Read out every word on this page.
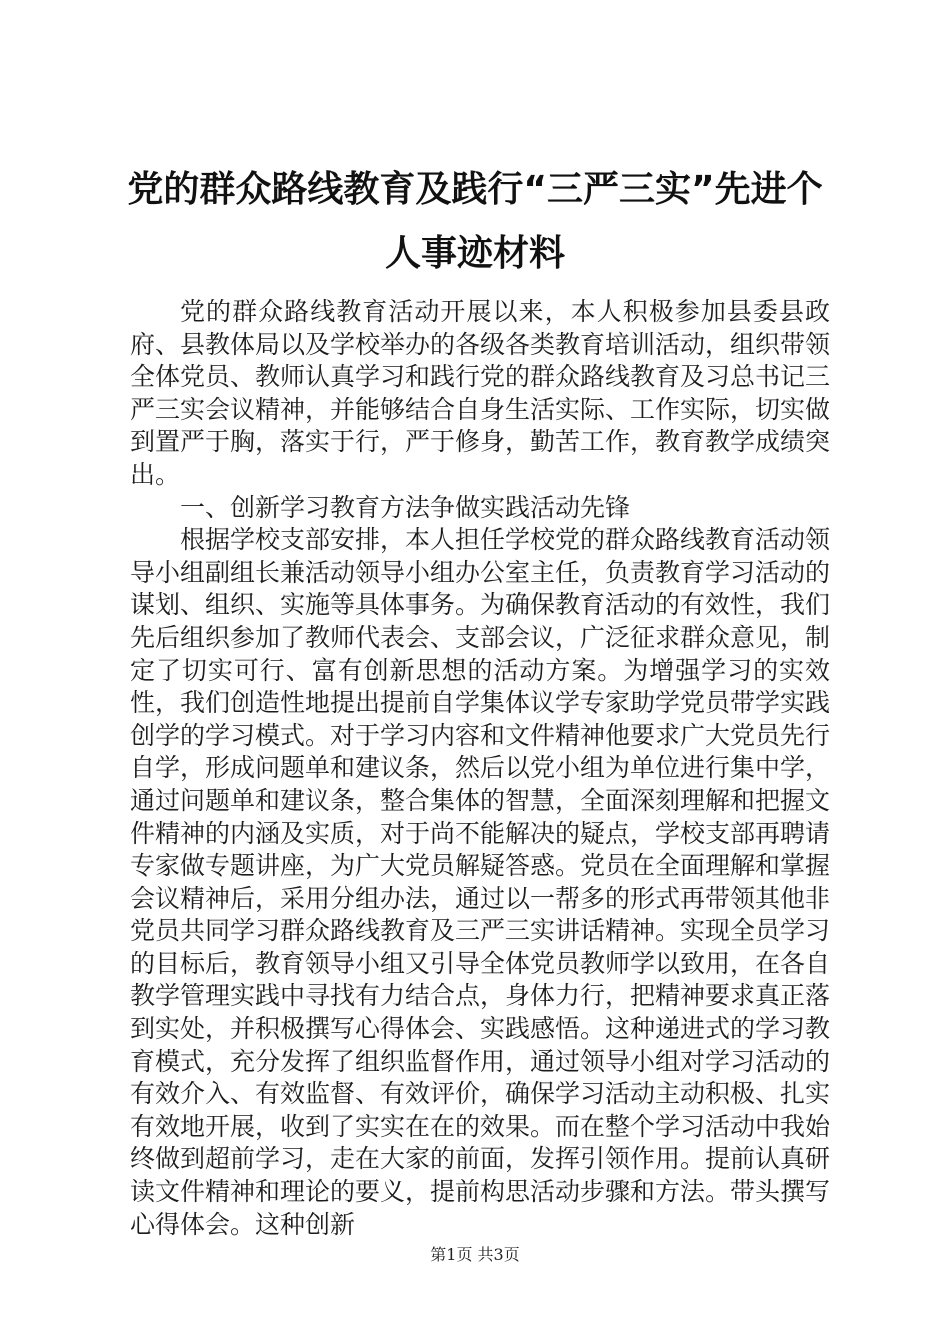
党的群众路线教育及践行“三严三实”先进个人事迹材料

党的群众路线教育活动开展以来，本人积极参加县委县政府、县教体局以及学校举办的各级各类教育培训活动，组织带领全体党员、教师认真学习和践行党的群众路线教育及习总书记三严三实会议精神，并能够结合自身生活实际、工作实际，切实做到置严于胸，落实于行，严于修身，勤苦工作，教育教学成绩突出。

一、创新学习教育方法争做实践活动先锋

根据学校支部安排，本人担任学校党的群众路线教育活动领导小组副组长兼活动领导小组办公室主任，负责教育学习活动的谋划、组织、实施等具体事务。为确保教育活动的有效性，我们先后组织参加了教师代表会、支部会议，广泛征求群众意见，制定了切实可行、富有创新思想的活动方案。为增强学习的实效性，我们创造性地提出提前自学集体议学专家助学党员带学实践创学的学习模式。对于学习内容和文件精神他要求广大党员先行自学，形成问题单和建议条，然后以党小组为单位进行集中学，通过问题单和建议条，整合集体的智慧，全面深刻理解和把握文件精神的内涵及实质，对于尚不能解决的疑点，学校支部再聘请专家做专题讲座，为广大党员解疑答惑。党员在全面理解和掌握会议精神后，采用分组办法，通过以一帮多的形式再带领其他非党员共同学习群众路线教育及三严三实讲话精神。实现全员学习的目标后，教育领导小组又引导全体党员教师学以致用，在各自教学管理实践中寻找有力结合点，身体力行，把精神要求真正落到实处，并积极撰写心得体会、实践感悟。这种递进式的学习教育模式，充分发挥了组织监督作用，通过领导小组对学习活动的有效介入、有效监督、有效评价，确保学习活动主动积极、扎实有效地开展，收到了实实在在的效果。而在整个学习活动中我始终做到超前学习，走在大家的前面，发挥引领作用。提前认真研读文件精神和理论的要义，提前构思活动步骤和方法。带头撰写心得体会。这种创新

第1页 共3页
